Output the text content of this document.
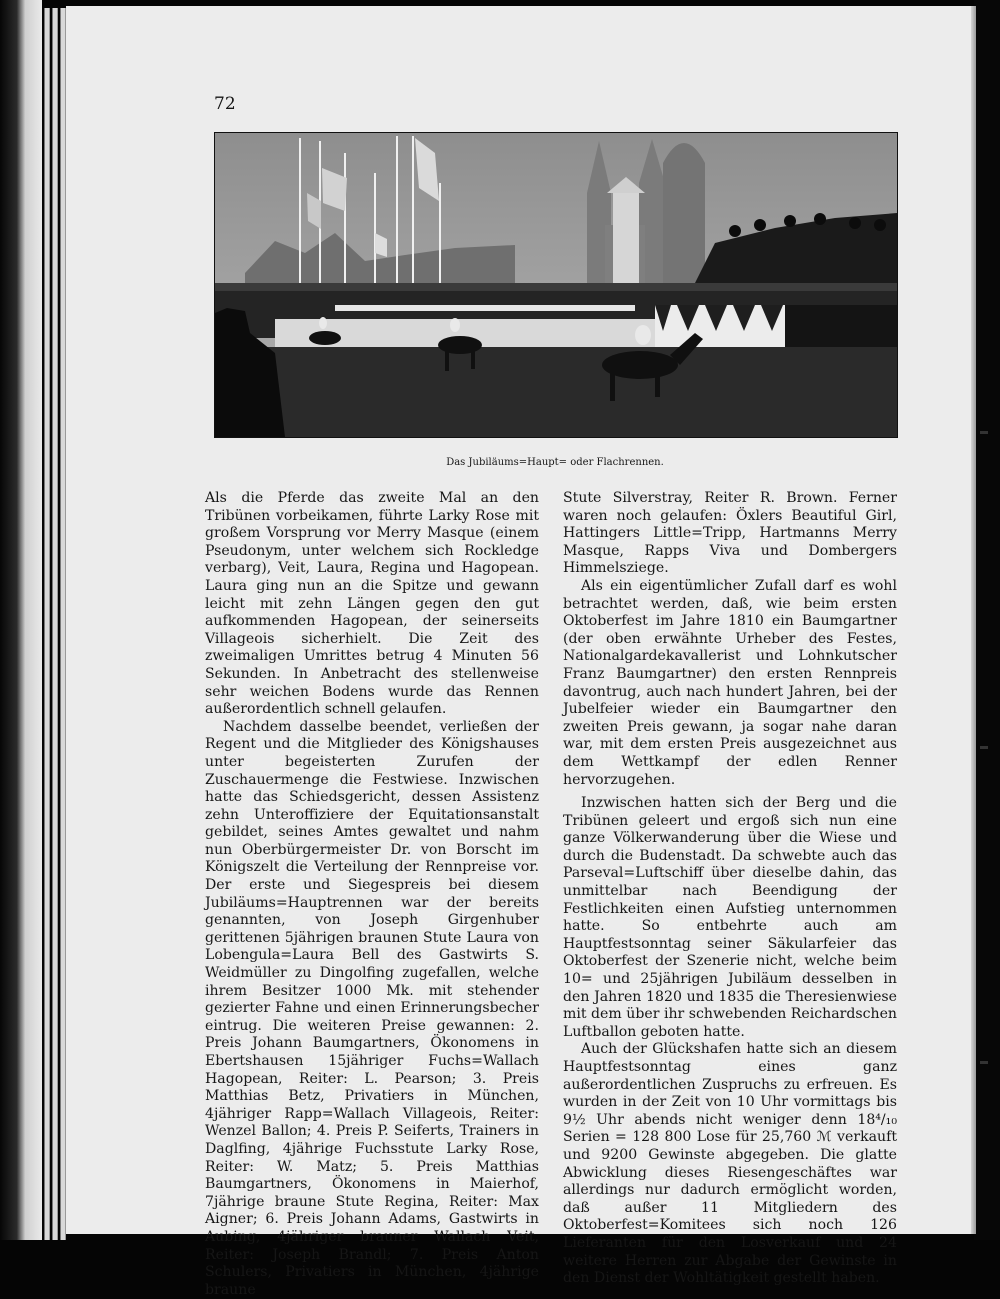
72

Das Jubiläums=Haupt= oder Flachrennen.

Als die Pferde das zweite Mal an den Tribünen vorbeikamen, führte Larky Rose mit großem Vorsprung vor Merry Masque (einem Pseudonym, unter welchem sich Rockledge verbarg), Veit, Laura, Regina und Hagopean. Laura ging nun an die Spitze und gewann leicht mit zehn Längen gegen den gut aufkommenden Hagopean, der seinerseits Villageois sicherhielt. Die Zeit des zweimaligen Umrittes betrug 4 Minuten 56 Sekunden. In Anbetracht des stellenweise sehr weichen Bodens wurde das Rennen außerordentlich schnell gelaufen.

Nachdem dasselbe beendet, verließen der Regent und die Mitglieder des Königshauses unter begeisterten Zurufen der Zuschauermenge die Festwiese. Inzwischen hatte das Schiedsgericht, dessen Assistenz zehn Unteroffiziere der Equitationsanstalt gebildet, seines Amtes gewaltet und nahm nun Oberbürgermeister Dr. von Borscht im Königszelt die Verteilung der Rennpreise vor. Der erste und Siegespreis bei diesem Jubiläums=Hauptrennen war der bereits genannten, von Joseph Girgenhuber gerittenen 5jährigen braunen Stute Laura von Lobengula=Laura Bell des Gastwirts S. Weidmüller zu Dingolfing zugefallen, welche ihrem Besitzer 1000 Mk. mit stehender gezierter Fahne und einen Erinnerungsbecher eintrug. Die weiteren Preise gewannen: 2. Preis Johann Baumgartners, Ökonomens in Ebertshausen 15jähriger Fuchs=Wallach Hagopean, Reiter: L. Pearson; 3. Preis Matthias Betz, Privatiers in München, 4jähriger Rapp=Wallach Villageois, Reiter: Wenzel Ballon; 4. Preis P. Seiferts, Trainers in Daglfing, 4jährige Fuchsstute Larky Rose, Reiter: W. Matz; 5. Preis Matthias Baumgartners, Ökonomens in Maierhof, 7jährige braune Stute Regina, Reiter: Max Aigner; 6. Preis Johann Adams, Gastwirts in Aubing, 4jähriger brauner Wallach Veit, Reiter: Joseph Brandl; 7. Preis Anton Schulers, Privatiers in München, 4jährige braune

Stute Silverstray, Reiter R. Brown. Ferner waren noch gelaufen: Öxlers Beautiful Girl, Hattingers Little=Tripp, Hartmanns Merry Masque, Rapps Viva und Dombergers Himmelsziege.

Als ein eigentümlicher Zufall darf es wohl betrachtet werden, daß, wie beim ersten Oktoberfest im Jahre 1810 ein Baumgartner (der oben erwähnte Urheber des Festes, Nationalgardekavallerist und Lohnkutscher Franz Baumgartner) den ersten Rennpreis davontrug, auch nach hundert Jahren, bei der Jubelfeier wieder ein Baumgartner den zweiten Preis gewann, ja sogar nahe daran war, mit dem ersten Preis ausgezeichnet aus dem Wettkampf der edlen Renner hervorzugehen.

Inzwischen hatten sich der Berg und die Tribünen geleert und ergoß sich nun eine ganze Völkerwanderung über die Wiese und durch die Budenstadt. Da schwebte auch das Parseval=Luftschiff über dieselbe dahin, das unmittelbar nach Beendigung der Festlichkeiten einen Aufstieg unternommen hatte. So entbehrte auch am Hauptfestsonntag seiner Säkularfeier das Oktoberfest der Szenerie nicht, welche beim 10= und 25jährigen Jubiläum desselben in den Jahren 1820 und 1835 die Theresienwiese mit dem über ihr schwebenden Reichardschen Luftballon geboten hatte.

Auch der Glückshafen hatte sich an diesem Hauptfestsonntag eines ganz außerordentlichen Zuspruchs zu erfreuen. Es wurden in der Zeit von 10 Uhr vormittags bis 9½ Uhr abends nicht weniger denn 18⁴/₁₀ Serien = 128 800 Lose für 25,760 ℳ verkauft und 9200 Gewinste abgegeben. Die glatte Abwicklung dieses Riesengeschäftes war allerdings nur dadurch ermöglicht worden, daß außer 11 Mitgliedern des Oktoberfest=Komitees sich noch 126 Lieferanten für den Losverkauf und 24 weitere Herren zur Abgabe der Gewinste in den Dienst der Wohltätigkeit gestellt haben.
